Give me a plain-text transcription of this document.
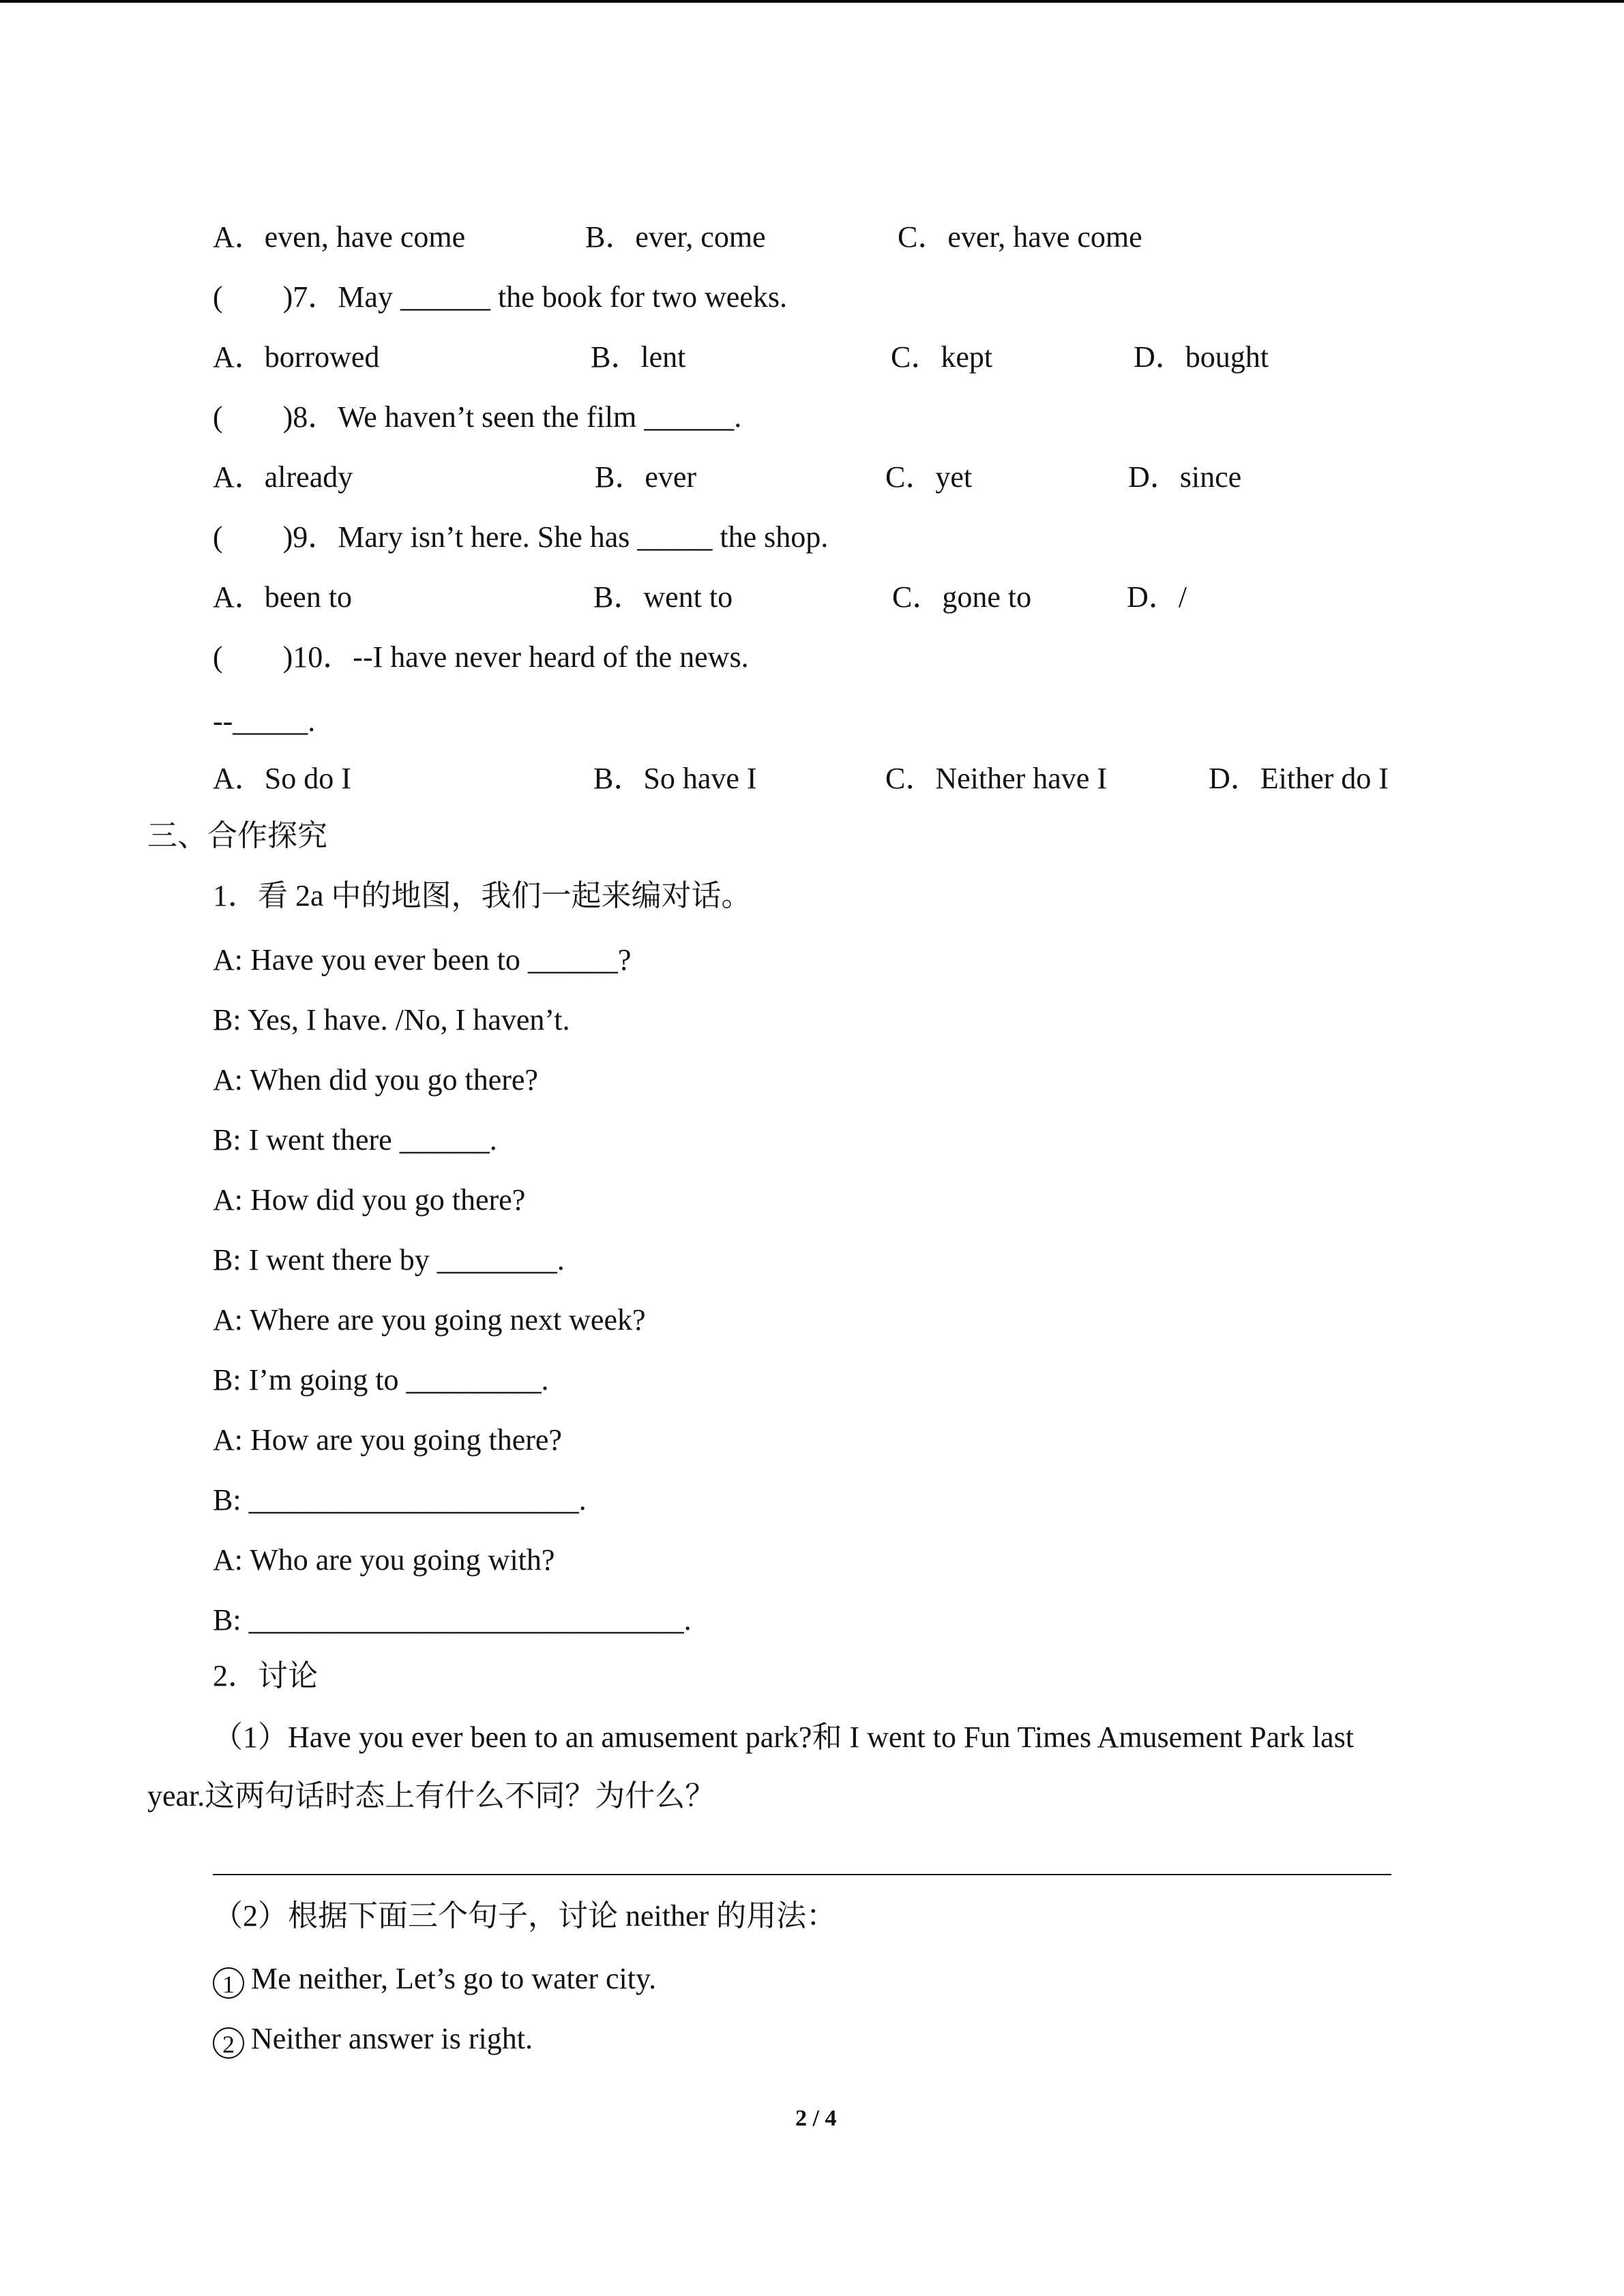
A．even, have come	B．ever, come	C．ever, have come
(　　)7．May ______ the book for two weeks.
A．borrowed	B．lent	C．kept	D．bought
(　　)8．We haven’t seen the film ______.
A．already	B．ever	C．yet	D．since
(　　)9．Mary isn’t here. She has _____ the shop.
A．been to	B．went to	C．gone to	D．/
(　　)10．--I have never heard of the news.
--_____.
A．So do I	B．So have I	C．Neither have I	D．Either do I
三、合作探究
1．看 2a 中的地图，我们一起来编对话。
A: Have you ever been to ______?
B: Yes, I have. /No, I haven’t.
A: When did you go there?
B: I went there ______.
A: How did you go there?
B: I went there by ________.
A: Where are you going next week?
B: I’m going to _________.
A: How are you going there?
B: ______________________.
A: Who are you going with?
B: _____________________________.
2．讨论
（1）Have you ever been to an amusement park?和 I went to Fun Times Amusement Park last
year.这两句话时态上有什么不同？为什么？
（2）根据下面三个句子，讨论 neither 的用法：
1 Me neither, Let’s go to water city.
2 Neither answer is right.
2 / 4
